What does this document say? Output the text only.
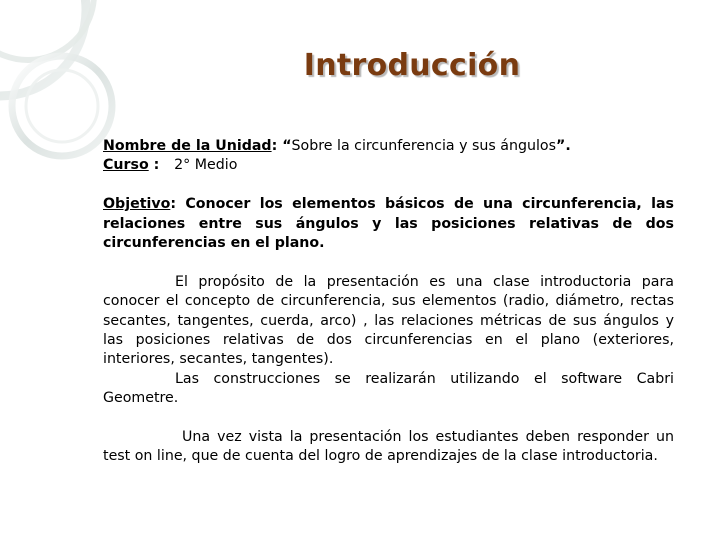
Introducción
Nombre de la Unidad: “Sobre la circunferencia y sus ángulos”.
Curso :   2° Medio
Objetivo: Conocer los elementos básicos de una circunferencia, las relaciones entre sus ángulos y las posiciones relativas de dos circunferencias en el plano.
El propósito de la presentación es una clase introductoria para conocer el concepto de circunferencia, sus elementos (radio, diámetro, rectas secantes, tangentes, cuerda, arco) , las relaciones métricas de sus ángulos y las posiciones relativas de dos circunferencias en el plano (exteriores, interiores, secantes, tangentes).
Las construcciones se realizarán utilizando el software Cabri Geometre.
Una vez vista la presentación los estudiantes deben responder un test on line, que de cuenta del logro de aprendizajes de la clase introductoria.
